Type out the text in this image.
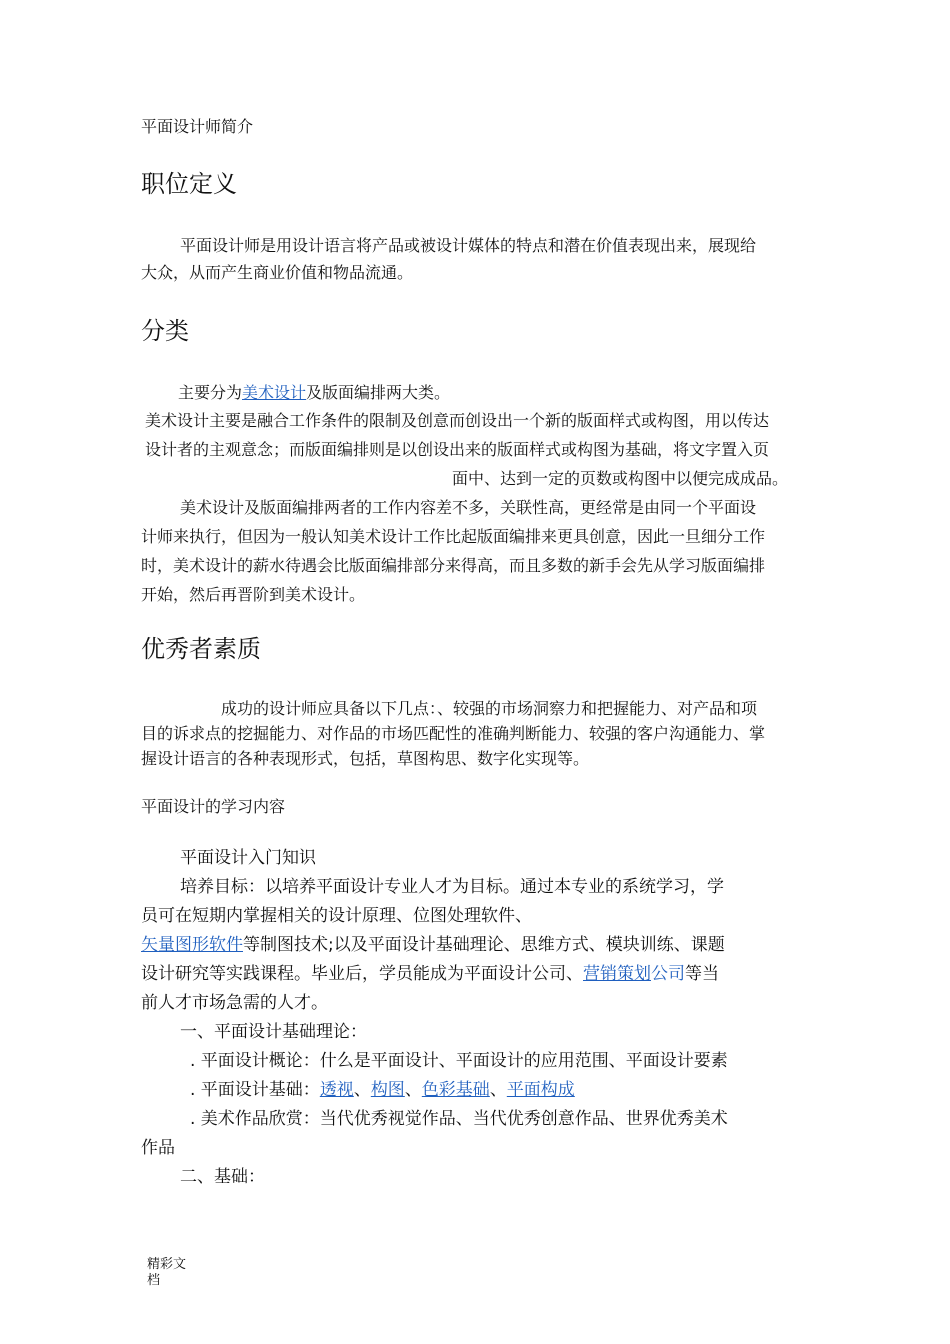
平面设计师简介
职位定义
平面设计师是用设计语言将产品或被设计媒体的特点和潜在价值表现出来，展现给
大众，从而产生商业价值和物品流通。
分类
主要分为美术设计及版面编排两大类。
美术设计主要是融合工作条件的限制及创意而创设出一个新的版面样式或构图，用以传达
设计者的主观意念；而版面编排则是以创设出来的版面样式或构图为基础，将文字置入页
面中、达到一定的页数或构图中以便完成成品。
美术设计及版面编排两者的工作内容差不多，关联性高，更经常是由同一个平面设
计师来执行，但因为一般认知美术设计工作比起版面编排来更具创意，因此一旦细分工作
时，美术设计的薪水待遇会比版面编排部分来得高，而且多数的新手会先从学习版面编排
开始，然后再晋阶到美术设计。
优秀者素质
成功的设计师应具备以下几点：、较强的市场洞察力和把握能力、对产品和项
目的诉求点的挖掘能力、对作品的市场匹配性的准确判断能力、较强的客户沟通能力、掌
握设计语言的各种表现形式，包括，草图构思、数字化实现等。
平面设计的学习内容
平面设计入门知识
培养目标：以培养平面设计专业人才为目标。通过本专业的系统学习，学
员可在短期内掌握相关的设计原理、位图处理软件、
矢量图形软件等制图技术;以及平面设计基础理论、思维方式、模块训练、课题
设计研究等实践课程。毕业后，学员能成为平面设计公司、营销策划公司等当
前人才市场急需的人才。
一、平面设计基础理论：
. 平面设计概论：什么是平面设计、平面设计的应用范围、平面设计要素
. 平面设计基础：透视、构图、色彩基础、平面构成
. 美术作品欣赏：当代优秀视觉作品、当代优秀创意作品、世界优秀美术
作品
二、基础：
精彩文
档
